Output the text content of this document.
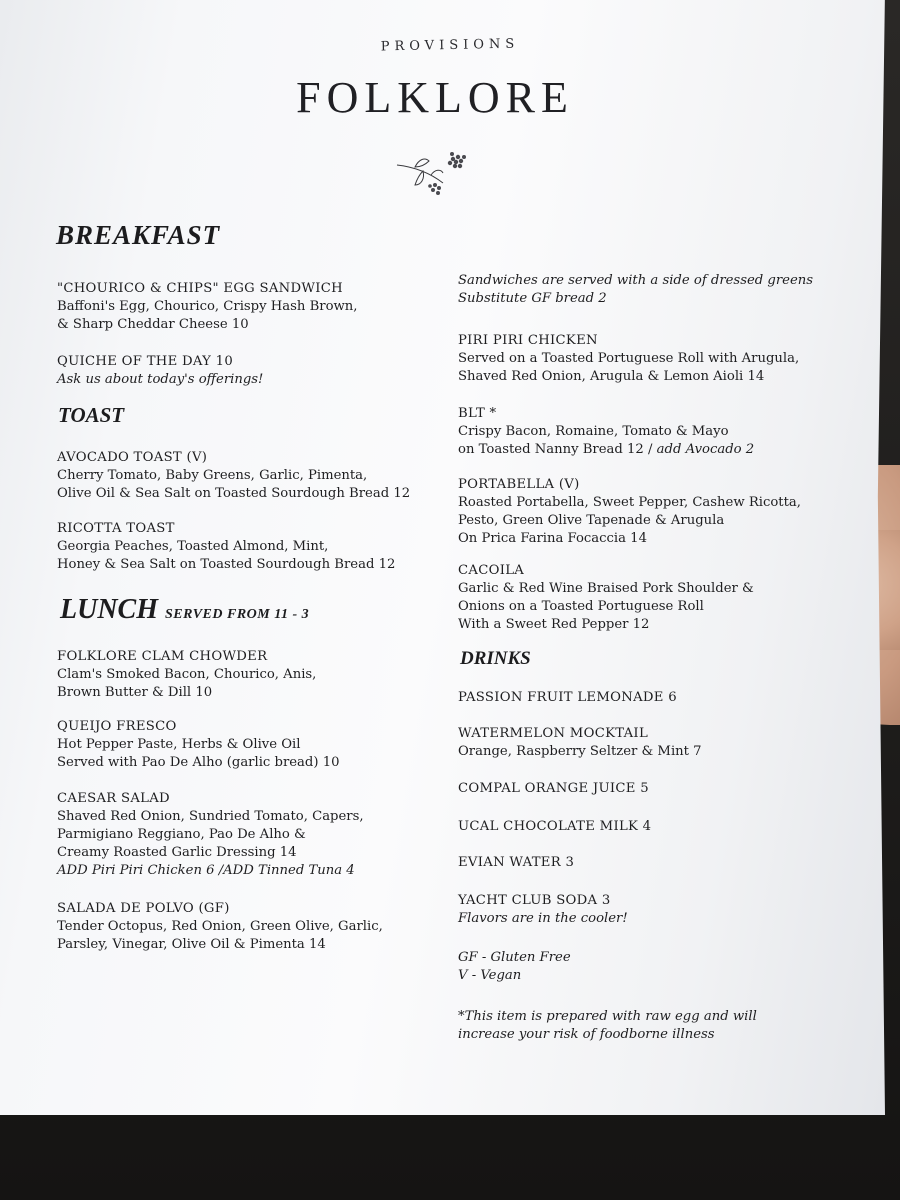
PROVISIONS
FOLKLORE
BREAKFAST
"CHOURICO & CHIPS" EGG SANDWICH
Baffoni's Egg, Chourico, Crispy Hash Brown,
& Sharp Cheddar Cheese 10
QUICHE OF THE DAY 10
Ask us about today's offerings!
TOAST
AVOCADO TOAST (V)
Cherry Tomato, Baby Greens, Garlic, Pimenta,
Olive Oil & Sea Salt on Toasted Sourdough Bread 12
RICOTTA TOAST
Georgia Peaches, Toasted Almond, Mint,
Honey & Sea Salt on Toasted Sourdough Bread 12
LUNCH SERVED FROM 11 - 3
FOLKLORE CLAM CHOWDER
Clam's Smoked Bacon, Chourico, Anis,
Brown Butter & Dill 10
QUEIJO FRESCO
Hot Pepper Paste, Herbs & Olive Oil
Served with Pao De Alho (garlic bread) 10
CAESAR SALAD
Shaved Red Onion, Sundried Tomato, Capers,
Parmigiano Reggiano, Pao De Alho &
Creamy Roasted Garlic Dressing 14
ADD Piri Piri Chicken 6 /ADD Tinned Tuna 4
SALADA DE POLVO (GF)
Tender Octopus, Red Onion, Green Olive, Garlic,
Parsley, Vinegar, Olive Oil & Pimenta 14
Sandwiches are served with a side of dressed greens
Substitute GF bread 2
PIRI PIRI CHICKEN
Served on a Toasted Portuguese Roll with Arugula,
Shaved Red Onion, Arugula & Lemon Aioli 14
BLT *
Crispy Bacon, Romaine, Tomato & Mayo
on Toasted Nanny Bread 12 / add Avocado 2
PORTABELLA (V)
Roasted Portabella, Sweet Pepper, Cashew Ricotta,
Pesto, Green Olive Tapenade & Arugula
On Prica Farina Focaccia 14
CACOILA
Garlic & Red Wine Braised Pork Shoulder &
Onions on a Toasted Portuguese Roll
With a Sweet Red Pepper 12
DRINKS
PASSION FRUIT LEMONADE 6
WATERMELON MOCKTAIL
Orange, Raspberry Seltzer & Mint 7
COMPAL ORANGE JUICE 5
UCAL CHOCOLATE MILK 4
EVIAN WATER 3
YACHT CLUB SODA 3
Flavors are in the cooler!
GF - Gluten Free
V - Vegan
*This item is prepared with raw egg and will
increase your risk of foodborne illness
